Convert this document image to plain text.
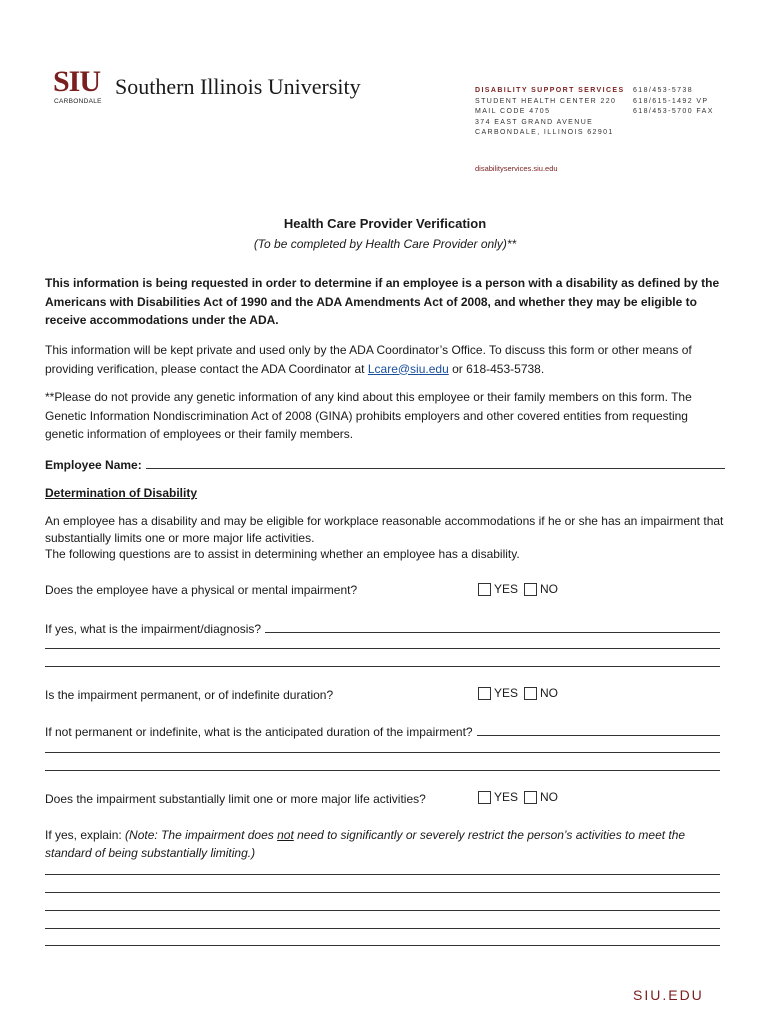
SIU Southern Illinois University
CARBONDALE
DISABILITY SUPPORT SERVICES
STUDENT HEALTH CENTER 220
MAIL CODE 4705
374 EAST GRAND AVENUE
CARBONDALE, ILLINOIS 62901
618/453-5738
618/615-1492 VP
618/453-5700 FAX
disabilityservices.siu.edu
Health Care Provider Verification
(To be completed by Health Care Provider only)**
This information is being requested in order to determine if an employee is a person with a disability as defined by the Americans with Disabilities Act of 1990 and the ADA Amendments Act of 2008, and whether they may be eligible to receive accommodations under the ADA.
This information will be kept private and used only by the ADA Coordinator’s Office. To discuss this form or other means of providing verification, please contact the ADA Coordinator at Lcare@siu.edu or 618-453-5738.
**Please do not provide any genetic information of any kind about this employee or their family members on this form. The Genetic Information Nondiscrimination Act of 2008 (GINA) prohibits employers and other covered entities from requesting genetic information of employees or their family members.
Employee Name:
Determination of Disability
An employee has a disability and may be eligible for workplace reasonable accommodations if he or she has an impairment that substantially limits one or more major life activities.
The following questions are to assist in determining whether an employee has a disability.
Does the employee have a physical or mental impairment?	YES NO
If yes, what is the impairment/diagnosis?
Is the impairment permanent, or of indefinite duration?	YES NO
If not permanent or indefinite, what is the anticipated duration of the impairment?
Does the impairment substantially limit one or more major life activities?	YES NO
If yes, explain: (Note: The impairment does not need to significantly or severely restrict the person’s activities to meet the standard of being substantially limiting.)
SIU.EDU
